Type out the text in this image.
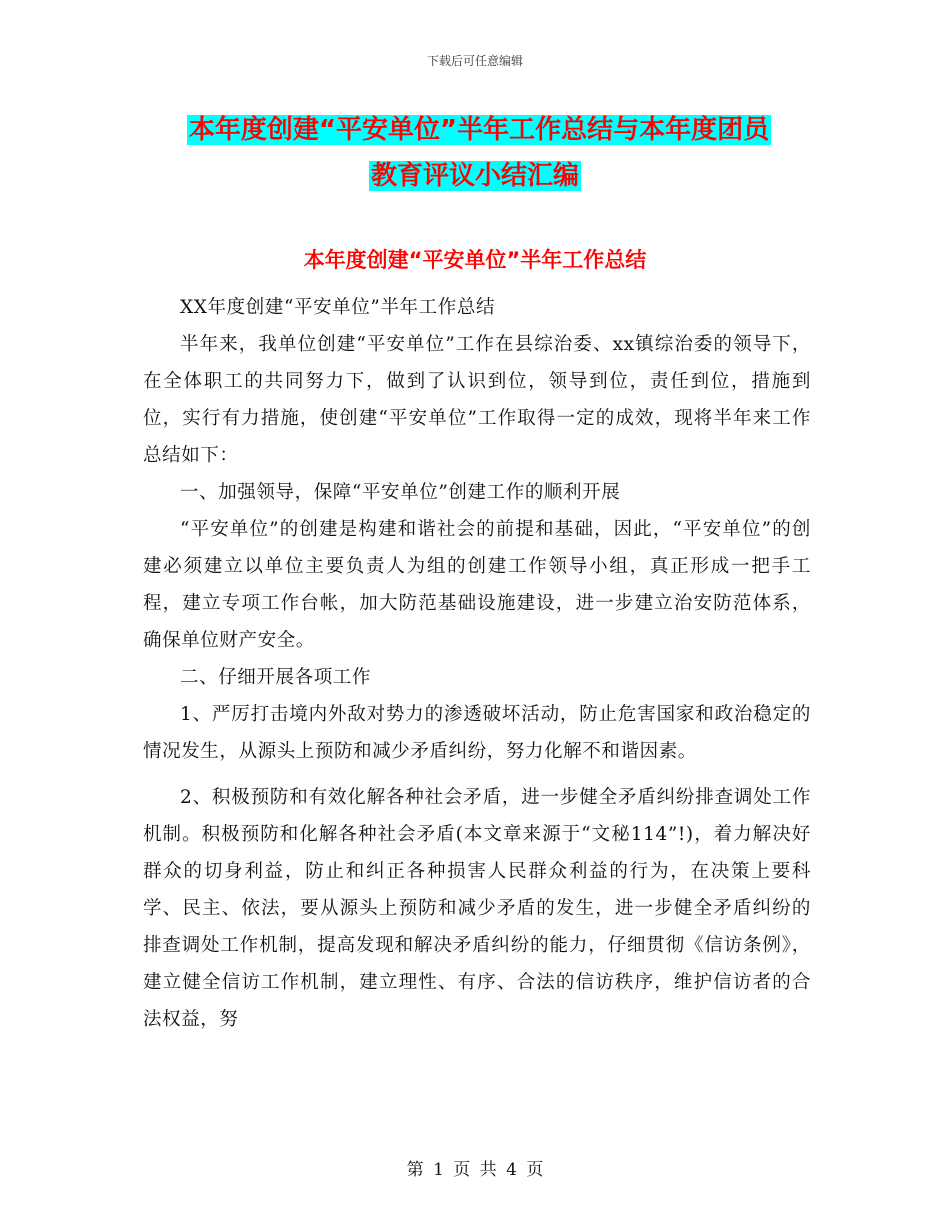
下载后可任意编辑
本年度创建“平安单位”半年工作总结与本年度团员
教育评议小结汇编
本年度创建“平安单位”半年工作总结

XX年度创建“平安单位”半年工作总结

半年来，我单位创建“平安单位”工作在县综治委、xx镇综治委的领导下，在全体职工的共同努力下，做到了认识到位，领导到位，责任到位，措施到位，实行有力措施，使创建“平安单位”工作取得一定的成效，现将半年来工作总结如下：

一、加强领导，保障“平安单位”创建工作的顺利开展

“平安单位”的创建是构建和谐社会的前提和基础，因此，“平安单位”的创建必须建立以单位主要负责人为组的创建工作领导小组，真正形成一把手工程，建立专项工作台帐，加大防范基础设施建设，进一步建立治安防范体系，确保单位财产安全。

二、仔细开展各项工作

1、严厉打击境内外敌对势力的渗透破坏活动，防止危害国家和政治稳定的情况发生，从源头上预防和减少矛盾纠纷，努力化解不和谐因素。

2、积极预防和有效化解各种社会矛盾，进一步健全矛盾纠纷排查调处工作机制。积极预防和化解各种社会矛盾(本文章来源于“文秘114”!)，着力解决好群众的切身利益，防止和纠正各种损害人民群众利益的行为，在决策上要科学、民主、依法，要从源头上预防和减少矛盾的发生，进一步健全矛盾纠纷的排查调处工作机制，提高发现和解决矛盾纠纷的能力，仔细贯彻《信访条例》，建立健全信访工作机制，建立理性、有序、合法的信访秩序，维护信访者的合法权益，努

第 1 页 共 4 页
